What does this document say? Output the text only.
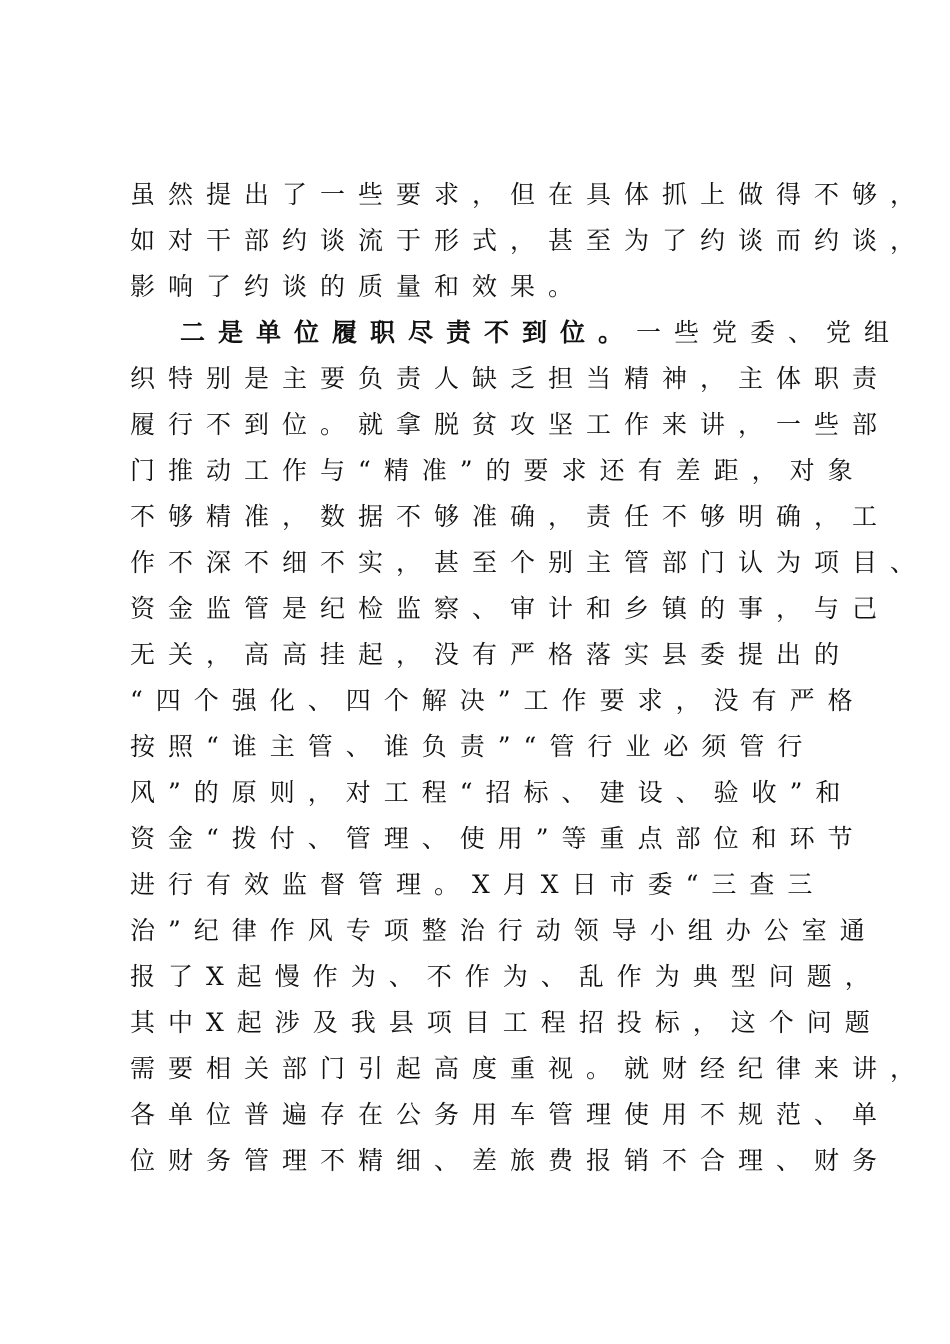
虽然提出了一些要求，但在具体抓上做得不够，

如对干部约谈流于形式，甚至为了约谈而约谈，

影响了约谈的质量和效果。

二是单位履职尽责不到位。一些党委、党组

织特别是主要负责人缺乏担当精神，主体职责

履行不到位。就拿脱贫攻坚工作来讲，一些部

门推动工作与“精准”的要求还有差距，对象

不够精准，数据不够准确，责任不够明确，工

作不深不细不实，甚至个别主管部门认为项目、

资金监管是纪检监察、审计和乡镇的事，与己

无关，高高挂起，没有严格落实县委提出的

“四个强化、四个解决”工作要求，没有严格

按照“谁主管、谁负责”“管行业必须管行

风”的原则，对工程“招标、建设、验收”和

资金“拨付、管理、使用”等重点部位和环节

进行有效监督管理。X月X日市委“三查三

治”纪律作风专项整治行动领导小组办公室通

报了X起慢作为、不作为、乱作为典型问题，

其中X起涉及我县项目工程招投标，这个问题

需要相关部门引起高度重视。就财经纪律来讲，

各单位普遍存在公务用车管理使用不规范、单

位财务管理不精细、差旅费报销不合理、财务
